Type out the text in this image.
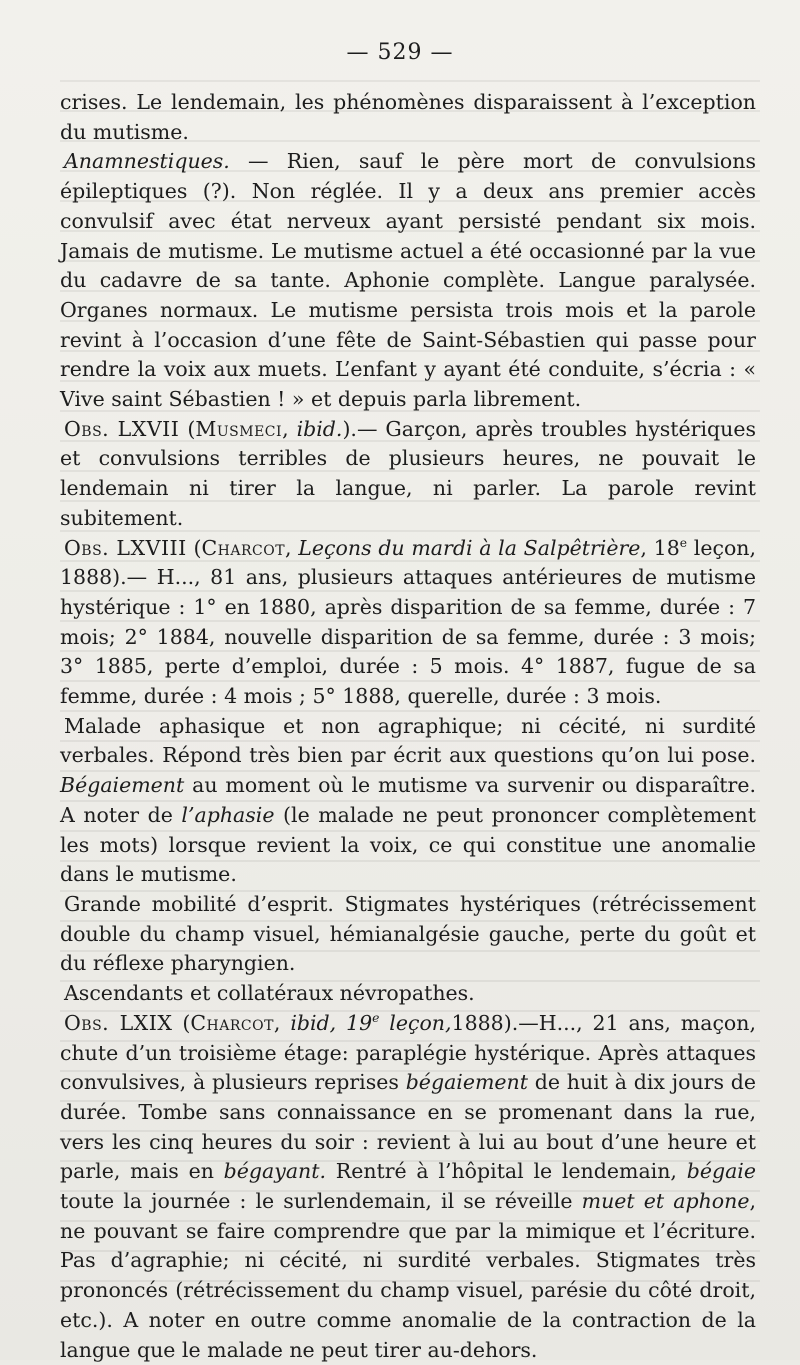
— 529 —

crises. Le lendemain, les phénomènes disparaissent à l’exception du mutisme.

Anamnestiques. — Rien, sauf le père mort de convulsions épileptiques (?). Non réglée. Il y a deux ans premier accès convulsif avec état nerveux ayant persisté pendant six mois. Jamais de mutisme. Le mutisme actuel a été occasionné par la vue du cadavre de sa tante. Aphonie complète. Langue paralysée. Organes normaux. Le mutisme persista trois mois et la parole revint à l’occasion d’une fête de Saint-Sébastien qui passe pour rendre la voix aux muets. L’enfant y ayant été conduite, s’écria : « Vive saint Sébastien ! » et depuis parla librement.

Obs. LXVII (Musmeci, ibid.).— Garçon, après troubles hystériques et convulsions terribles de plusieurs heures, ne pouvait le lendemain ni tirer la langue, ni parler. La parole revint subitement.

Obs. LXVIII (Charcot, Leçons du mardi à la Salpêtrière, 18e leçon, 1888).— H..., 81 ans, plusieurs attaques antérieures de mutisme hystérique : 1° en 1880, après disparition de sa femme, durée : 7 mois; 2° 1884, nouvelle disparition de sa femme, durée : 3 mois; 3° 1885, perte d’emploi, durée : 5 mois. 4° 1887, fugue de sa femme, durée : 4 mois ; 5° 1888, querelle, durée : 3 mois.

Malade aphasique et non agraphique; ni cécité, ni surdité verbales. Répond très bien par écrit aux questions qu’on lui pose. Bégaiement au moment où le mutisme va survenir ou disparaître. A noter de l’aphasie (le malade ne peut prononcer complètement les mots) lorsque revient la voix, ce qui constitue une anomalie dans le mutisme.

Grande mobilité d’esprit. Stigmates hystériques (rétrécissement double du champ visuel, hémianalgésie gauche, perte du goût et du réflexe pharyngien.

Ascendants et collatéraux névropathes.

Obs. LXIX (Charcot, ibid, 19e leçon,1888).—H..., 21 ans, maçon, chute d’un troisième étage: paraplégie hystérique. Après attaques convulsives, à plusieurs reprises bégaiement de huit à dix jours de durée. Tombe sans connaissance en se promenant dans la rue, vers les cinq heures du soir : revient à lui au bout d’une heure et parle, mais en bégayant. Rentré à l’hôpital le lendemain, bégaie toute la journée : le surlendemain, il se réveille muet et aphone, ne pouvant se faire comprendre que par la mimique et l’écriture. Pas d’agraphie; ni cécité, ni surdité verbales. Stigmates très prononcés (rétrécissement du champ visuel, parésie du côté droit, etc.). A noter en outre comme anomalie de la contraction de la langue que le malade ne peut tirer au-dehors.
